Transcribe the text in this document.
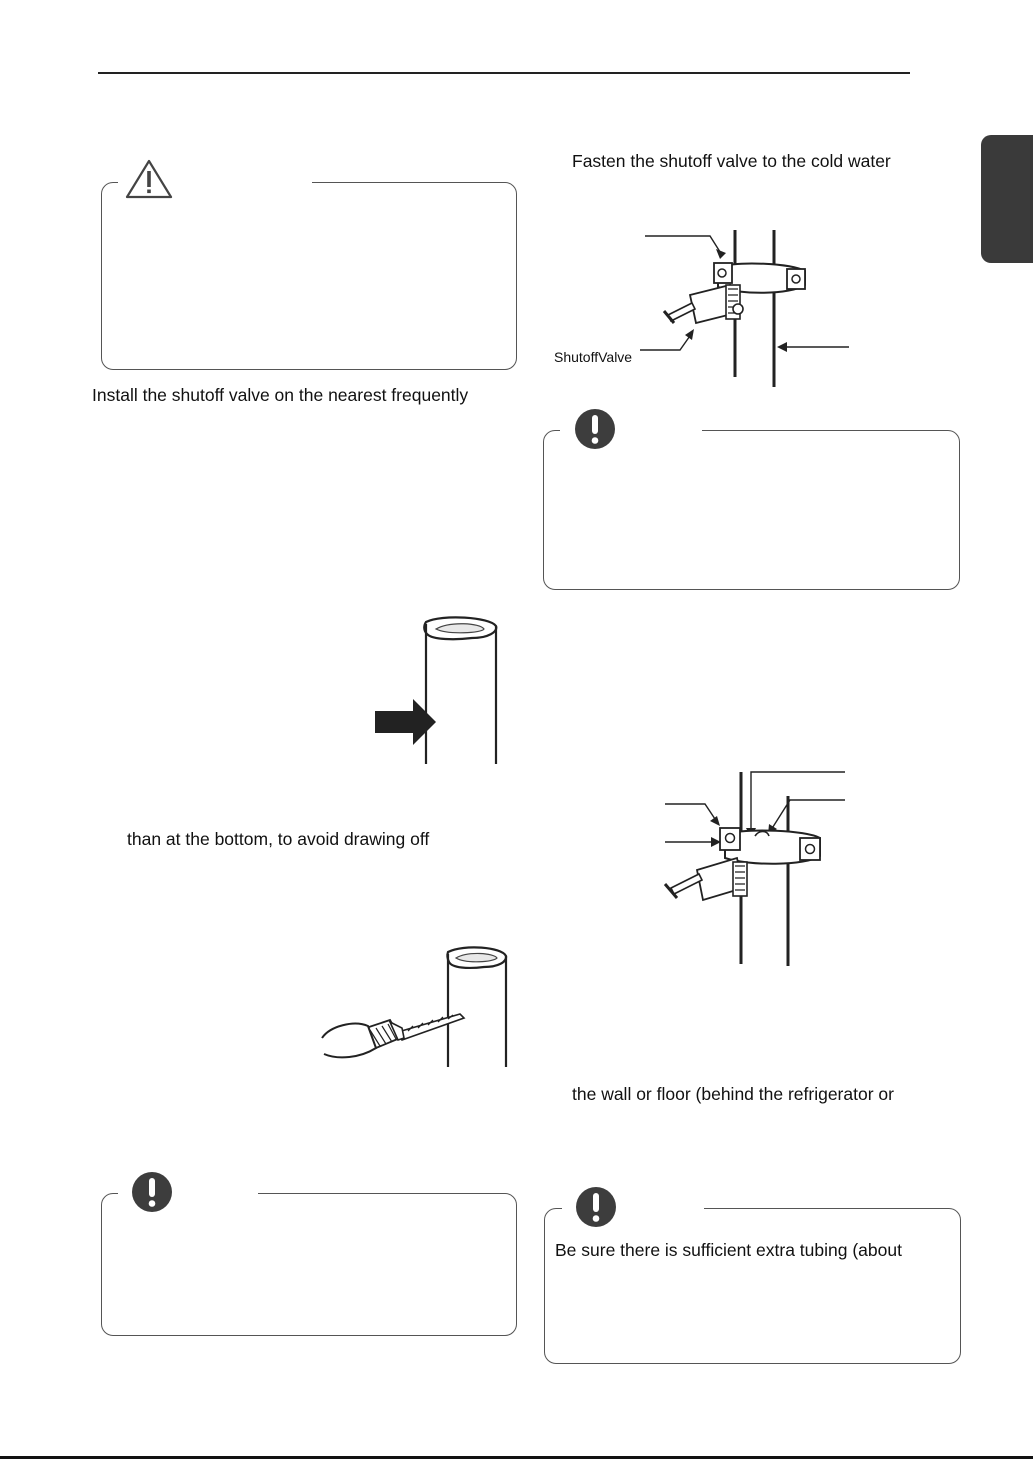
Install the shutoff valve on the nearest frequently
than at the bottom, to avoid drawing off
Fasten the shutoff valve to the cold water
ShutoffValve
the wall or floor (behind the refrigerator or
Be sure there is sufficient extra tubing (about
